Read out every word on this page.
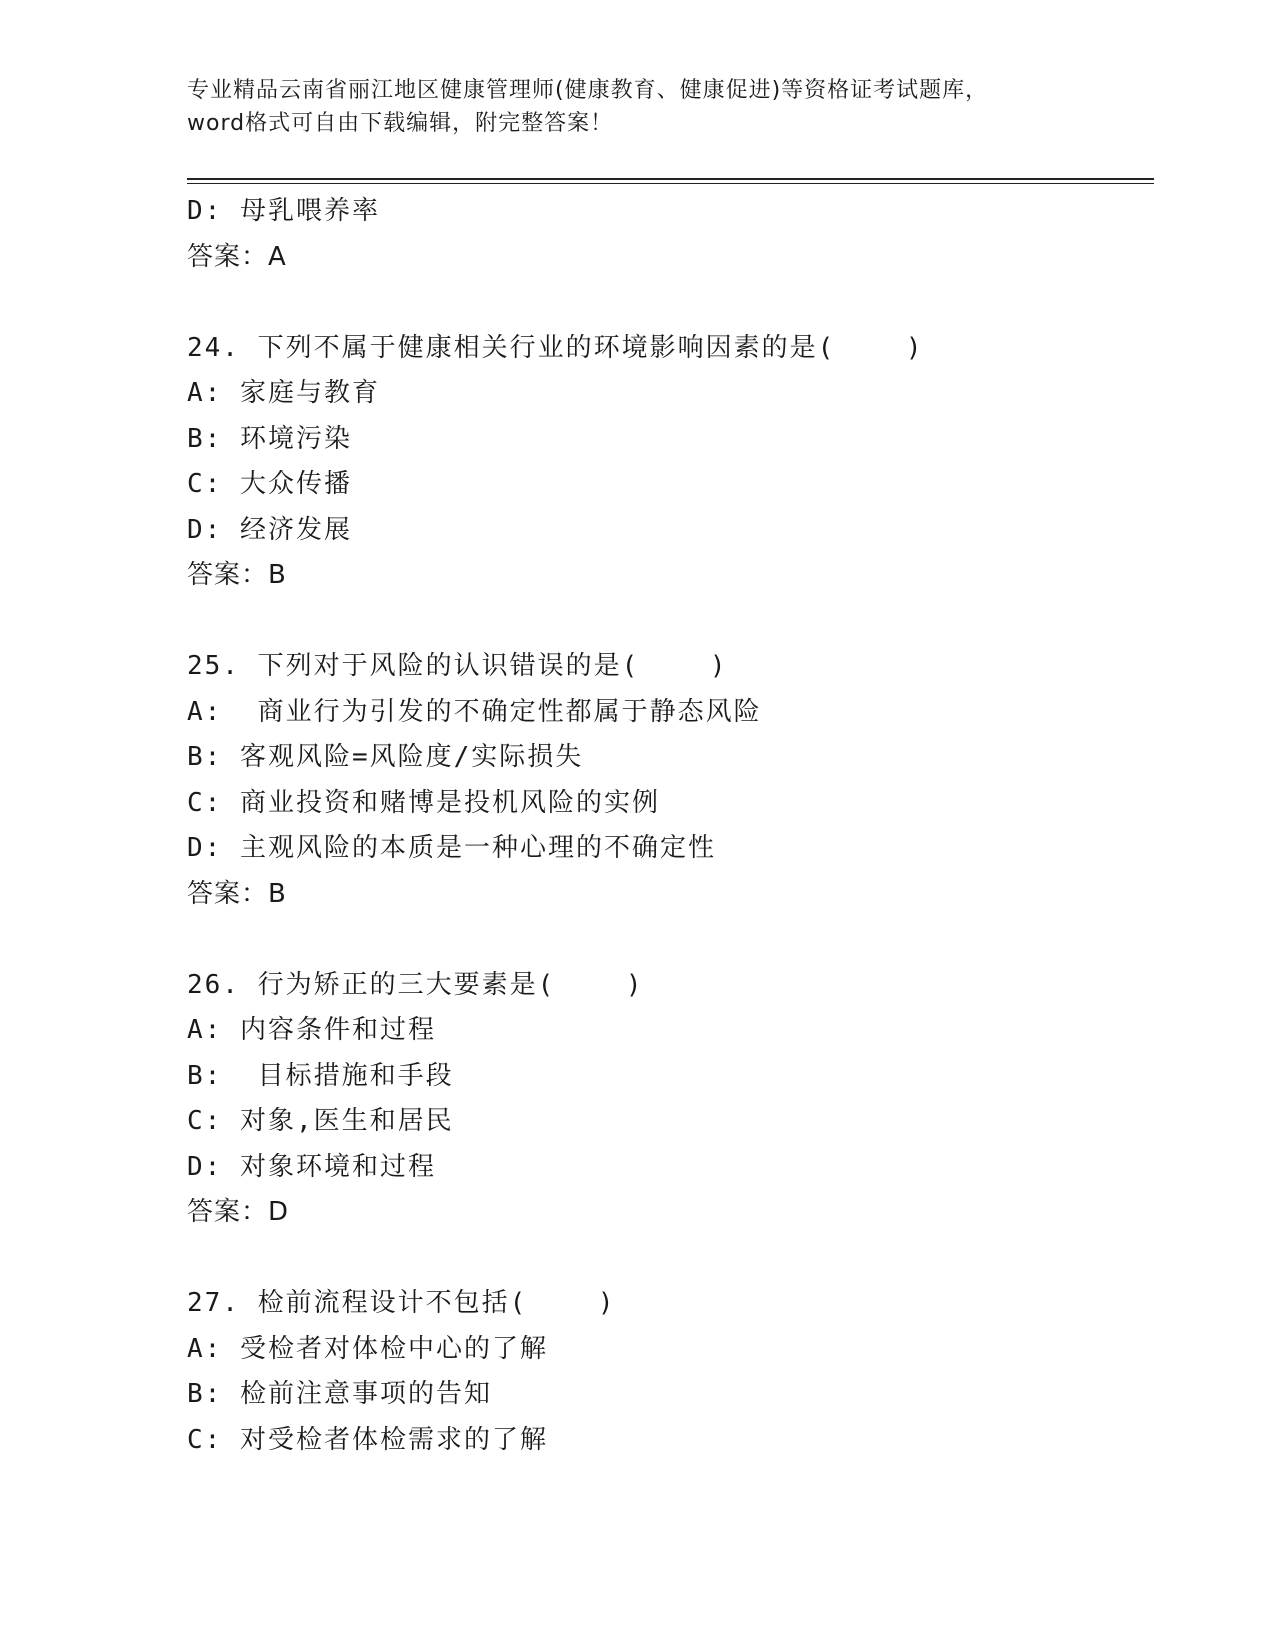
专业精品云南省丽江地区健康管理师(健康教育、健康促进)等资格证考试题库，
word格式可自由下载编辑，附完整答案！
D: 母乳喂养率
答案：A
24. 下列不属于健康相关行业的环境影响因素的是(    )
A: 家庭与教育
B: 环境污染
C: 大众传播
D: 经济发展
答案：B
25. 下列对于风险的认识错误的是(    )
A:  商业行为引发的不确定性都属于静态风险
B: 客观风险=风险度/实际损失
C: 商业投资和赌博是投机风险的实例
D: 主观风险的本质是一种心理的不确定性
答案：B
26. 行为矫正的三大要素是(    )
A: 内容条件和过程
B:  目标措施和手段
C: 对象,医生和居民
D: 对象环境和过程
答案：D
27. 检前流程设计不包括(    )
A: 受检者对体检中心的了解
B: 检前注意事项的告知
C: 对受检者体检需求的了解
